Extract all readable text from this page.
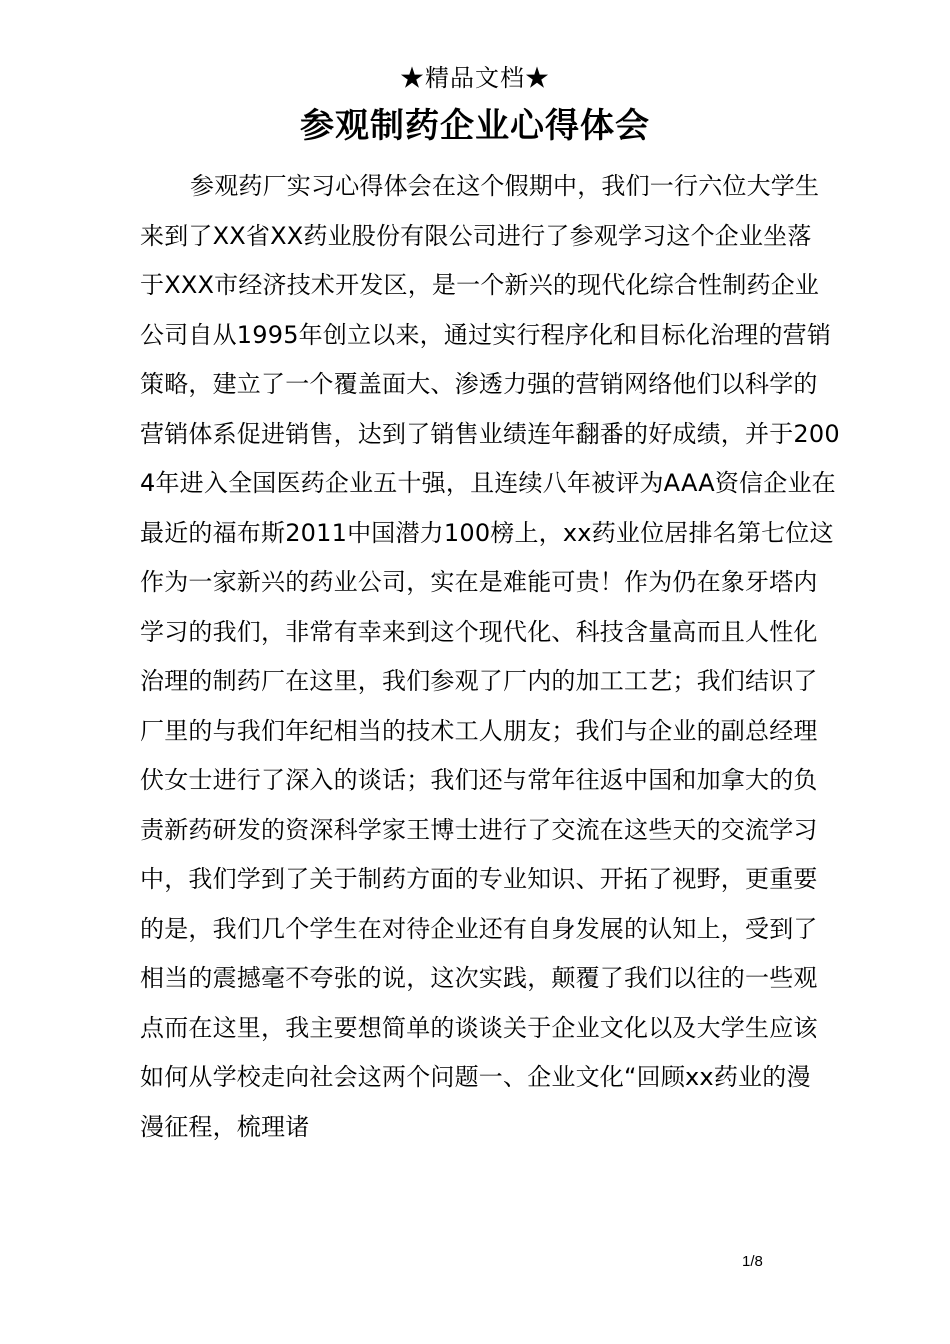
★精品文档★
参观制药企业心得体会
参观药厂实习心得体会在这个假期中，我们一行六位大学生
来到了XX省XX药业股份有限公司进行了参观学习这个企业坐落
于XXX市经济技术开发区，是一个新兴的现代化综合性制药企业
公司自从1995年创立以来，通过实行程序化和目标化治理的营销
策略，建立了一个覆盖面大、渗透力强的营销网络他们以科学的
营销体系促进销售，达到了销售业绩连年翻番的好成绩，并于200
4年进入全国医药企业五十强，且连续八年被评为AAA资信企业在
最近的福布斯2011中国潜力100榜上，xx药业位居排名第七位这
作为一家新兴的药业公司，实在是难能可贵！作为仍在象牙塔内
学习的我们，非常有幸来到这个现代化、科技含量高而且人性化
治理的制药厂在这里，我们参观了厂内的加工工艺；我们结识了
厂里的与我们年纪相当的技术工人朋友；我们与企业的副总经理
伏女士进行了深入的谈话；我们还与常年往返中国和加拿大的负
责新药研发的资深科学家王博士进行了交流在这些天的交流学习
中，我们学到了关于制药方面的专业知识、开拓了视野，更重要
的是，我们几个学生在对待企业还有自身发展的认知上，受到了
相当的震撼毫不夸张的说，这次实践，颠覆了我们以往的一些观
点而在这里，我主要想简单的谈谈关于企业文化以及大学生应该
如何从学校走向社会这两个问题一、企业文化“回顾xx药业的漫
漫征程，梳理诸
1/8
